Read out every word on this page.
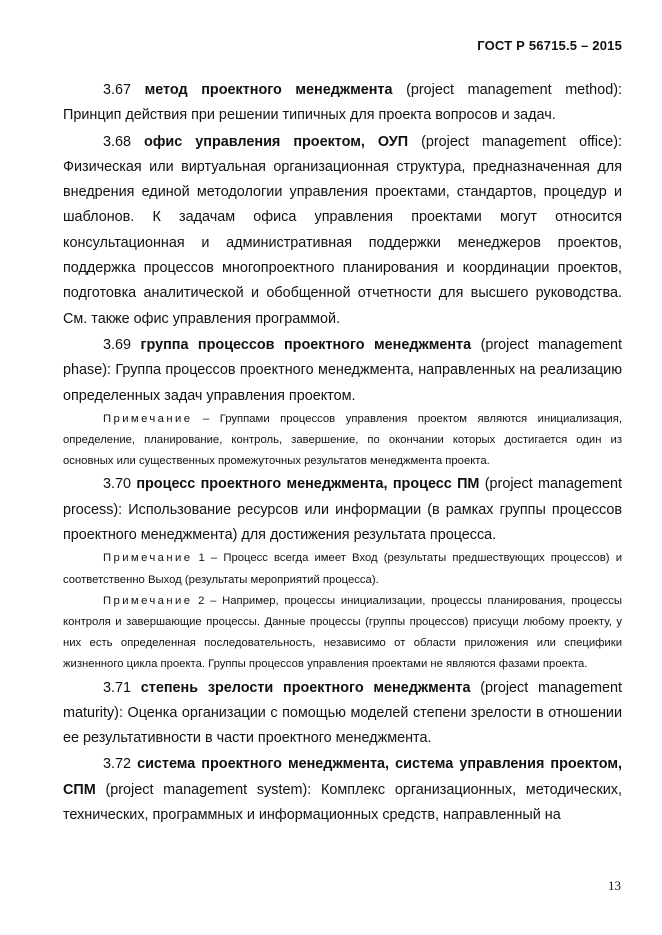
ГОСТ Р 56715.5 – 2015

3.67 метод проектного менеджмента (project management method): Принцип действия при решении типичных для проекта вопросов и задач.

3.68 офис управления проектом, ОУП (project management office): Физическая или виртуальная организационная структура, предназначенная для внедрения единой методологии управления проектами, стандартов, процедур и шаблонов. К задачам офиса управления проектами могут относится консультационная и административная поддержки менеджеров проектов, поддержка процессов многопроектного планирования и координации проектов, подготовка аналитической и обобщенной отчетности для высшего руководства. См. также офис управления программой.

3.69 группа процессов проектного менеджмента (project management phase): Группа процессов проектного менеджмента, направленных на реализацию определенных задач управления проектом.

Примечание – Группами процессов управления проектом являются инициализация, определение, планирование, контроль, завершение, по окончании которых достигается один из основных или существенных промежуточных результатов менеджмента проекта.

3.70 процесс проектного менеджмента, процесс ПМ (project management process): Использование ресурсов или информации (в рамках группы процессов проектного менеджмента) для достижения результата процесса.

Примечание 1 – Процесс всегда имеет Вход (результаты предшествующих процессов) и соответственно Выход (результаты мероприятий процесса).

Примечание 2 – Например, процессы инициализации, процессы планирования, процессы контроля и завершающие процессы. Данные процессы (группы процессов) присущи любому проекту, у них есть определенная последовательность, независимо от области приложения или специфики жизненного цикла проекта. Группы процессов управления проектами не являются фазами проекта.

3.71 степень зрелости проектного менеджмента (project management maturity): Оценка организации с помощью моделей степени зрелости в отношении ее результативности в части проектного менеджмента.

3.72 система проектного менеджмента, система управления проектом, СПМ (project management system): Комплекс организационных, методических, технических, программных и информационных средств, направленный на

13
